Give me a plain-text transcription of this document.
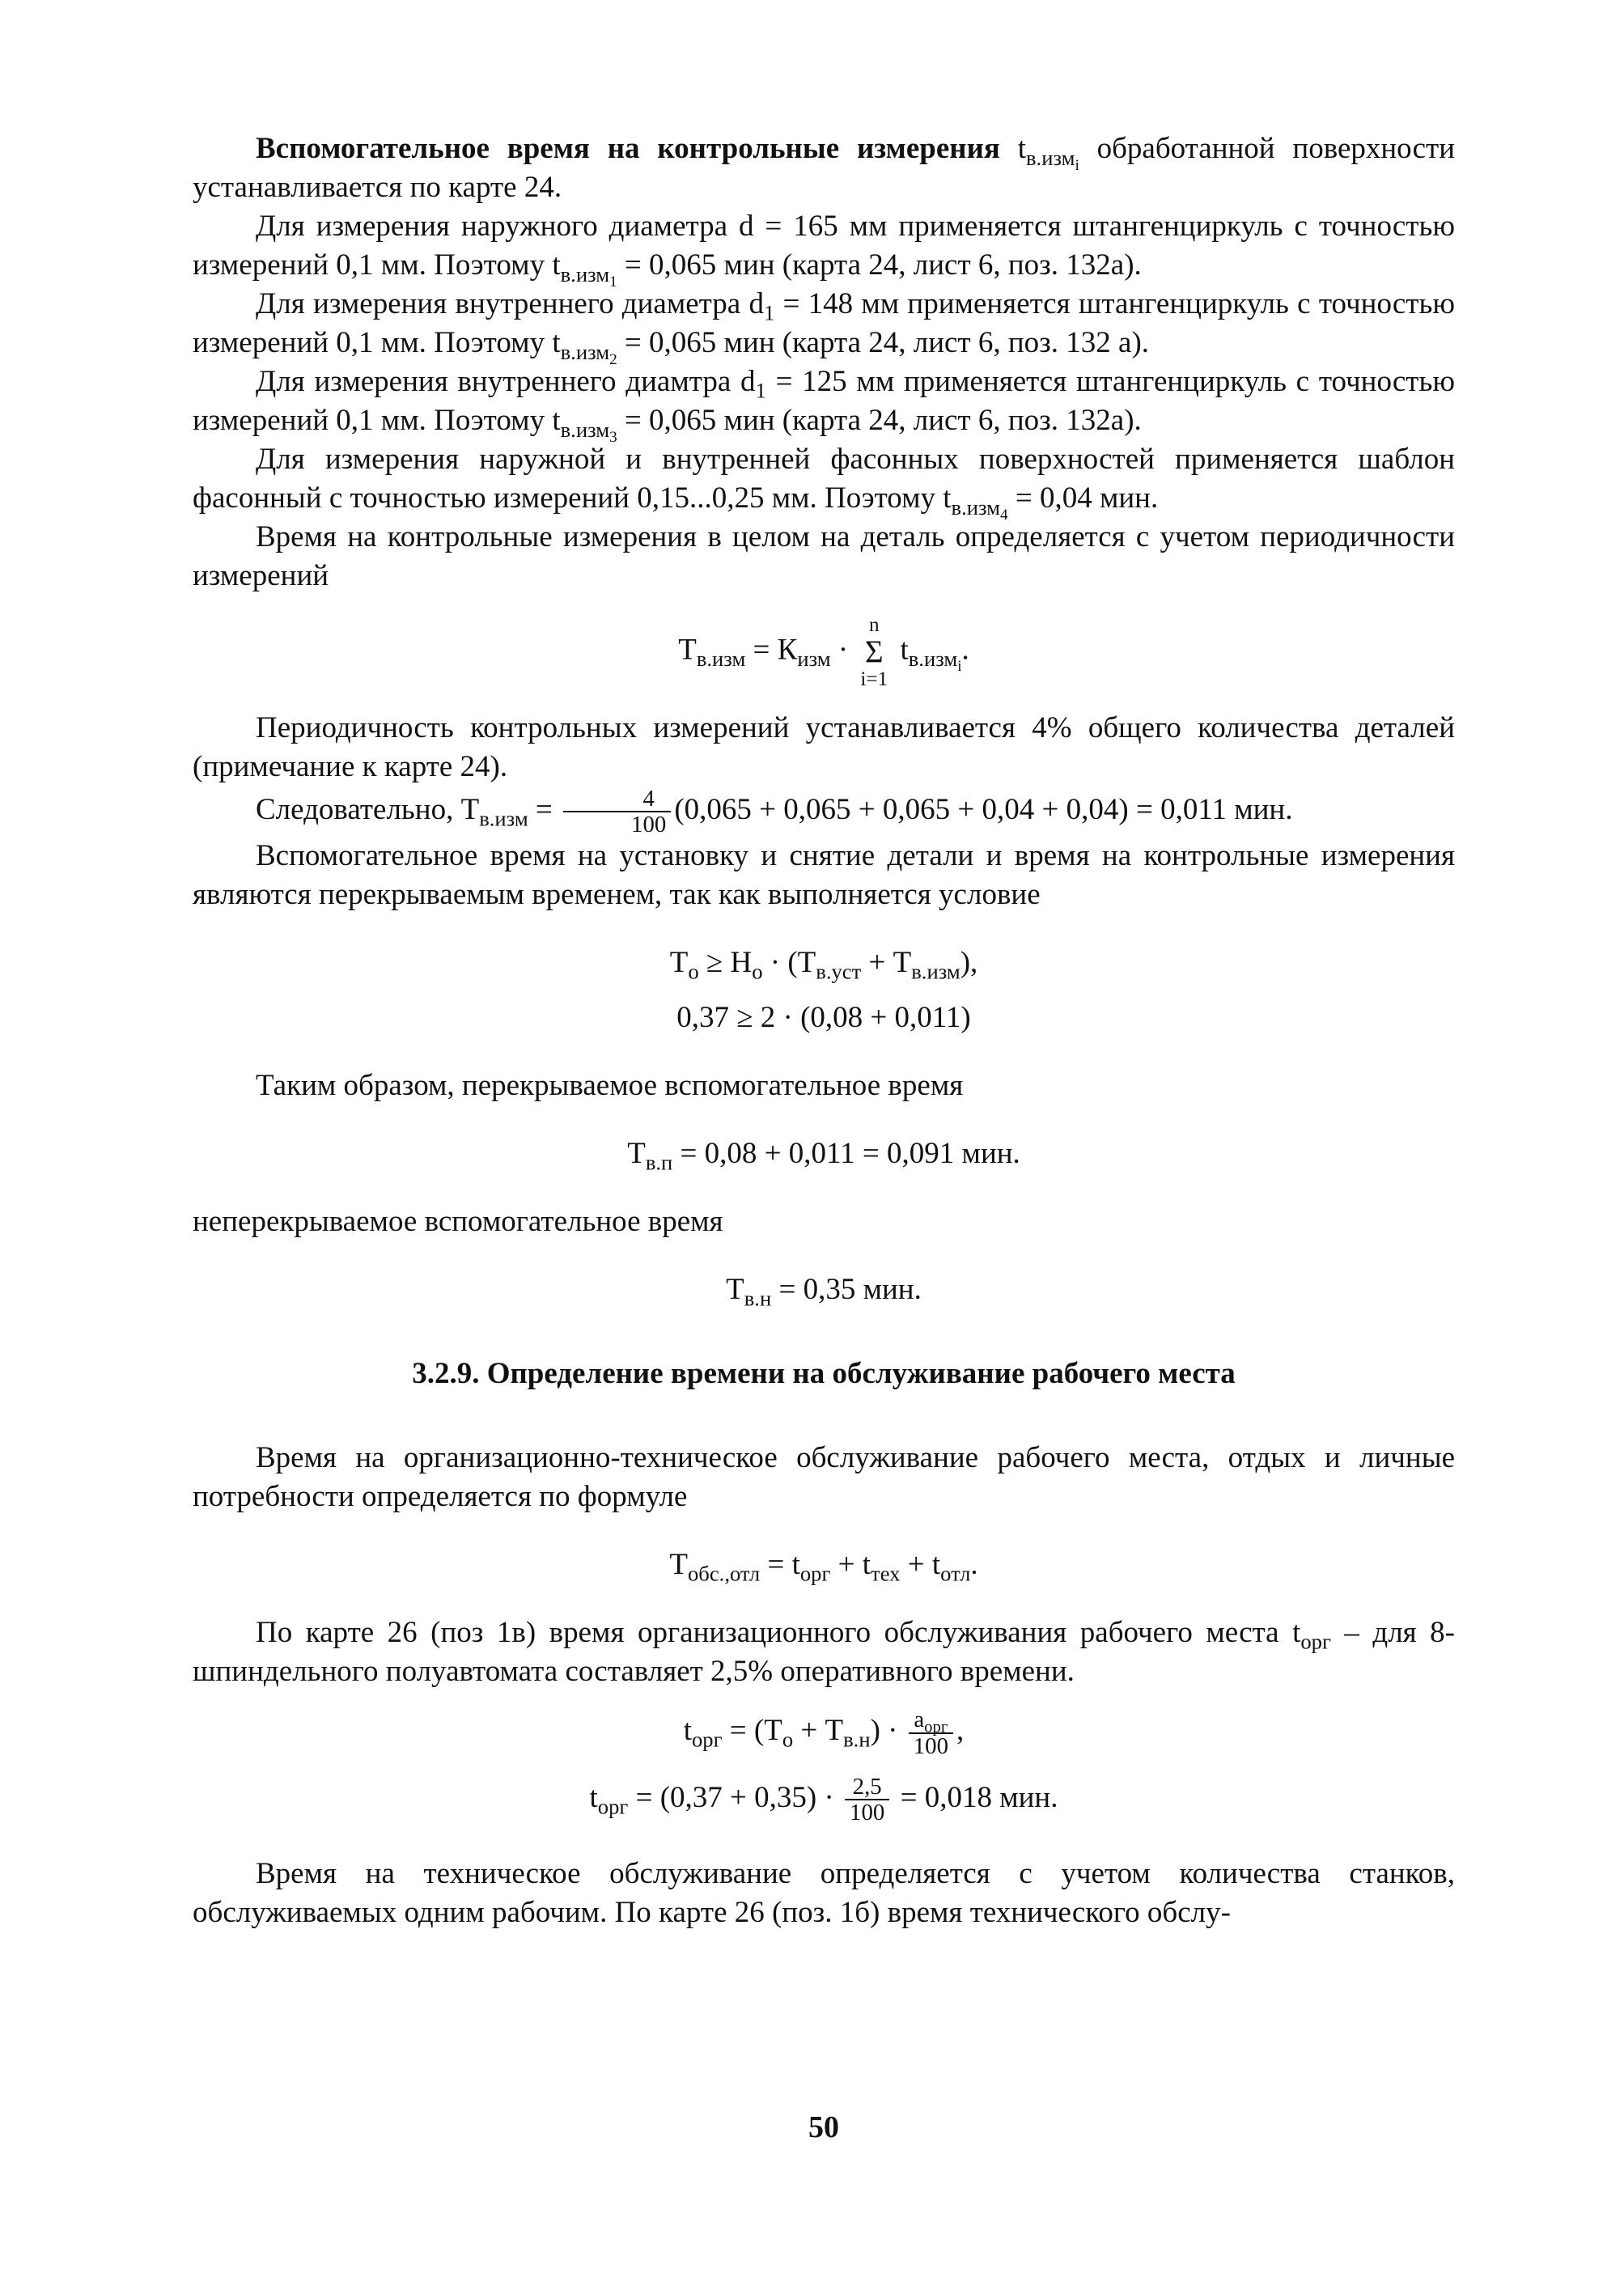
Вспомогательное время на контрольные измерения $t_{в.изм_i}$ обработанной поверхности устанавливается по карте 24.

Для измерения наружного диаметра d = 165 мм применяется штангенциркуль с точностью измерений 0,1 мм. Поэтому $t_{в.изм_1} = 0,065$ мин (карта 24, лист 6, поз. 132а).

Для измерения внутреннего диаметра $d_1 = 148$ мм применяется штангенциркуль с точностью измерений 0,1 мм. Поэтому $t_{в.изм_2} = 0,065$ мин (карта 24, лист 6, поз. 132 а).

Для измерения внутреннего диамтра $d_1 = 125$ мм применяется штангенциркуль с точностью измерений 0,1 мм. Поэтому $t_{в.изм_3} = 0,065$ мин (карта 24, лист 6, поз. 132а).

Для измерения наружной и внутренней фасонных поверхностей применяется шаблон фасонный с точностью измерений 0,15...0,25 мм. Поэтому $t_{в.изм_4} = 0,04$ мин.

Время на контрольные измерения в целом на деталь определяется с учетом периодичности измерений

$T_{в.изм} = К_{изм}$ ·
n
Σ
i=1
$t_{в.изм_i}$.

Периодичность контрольных измерений устанавливается 4% общего количества деталей (примечание к карте 24).

Следовательно, $T_{в.изм} = \frac{4}{100} (0,065 + 0,065 + 0,065 + 0,04 + 0,04) = 0,011$ мин.

Вспомогательное время на установку и снятие детали и время на контрольные измерения являются перекрываемым временем, так как выполняется условие

$T_о \ge H_о \cdot (T_{в.уст} + T_{в.изм})$,

0,37 ≥ 2 · (0,08 + 0,011)

Таким образом, перекрываемое вспомогательное время

$T_{в.п} = 0,08 + 0,011 = 0,091$ мин.

неперекрываемое вспомогательное время

$T_{в.н} = 0,35$ мин.

3.2.9. Определение времени на обслуживание рабочего места

Время на организационно-техническое обслуживание рабочего места, отдых и личные потребности определяется по формуле

$T_{обс.,отл} = t_{орг} + t_{тех} + t_{отл}$.

По карте 26 (поз 1в) время организационного обслуживания рабочего места $t_{орг}$ – для 8-шпиндельного полуавтомата составляет 2,5% оперативного времени.

$t_{орг} = (T_о + T_{в.н}) \cdot \frac{a_{орг}}{100}$ ,

$t_{орг} = (0,37 + 0,35) \cdot \frac{2,5}{100} = 0,018$ мин.

Время на техническое обслуживание определяется с учетом количества станков, обслуживаемых одним рабочим. По карте 26 (поз. 1б) время технического обслу-

50
